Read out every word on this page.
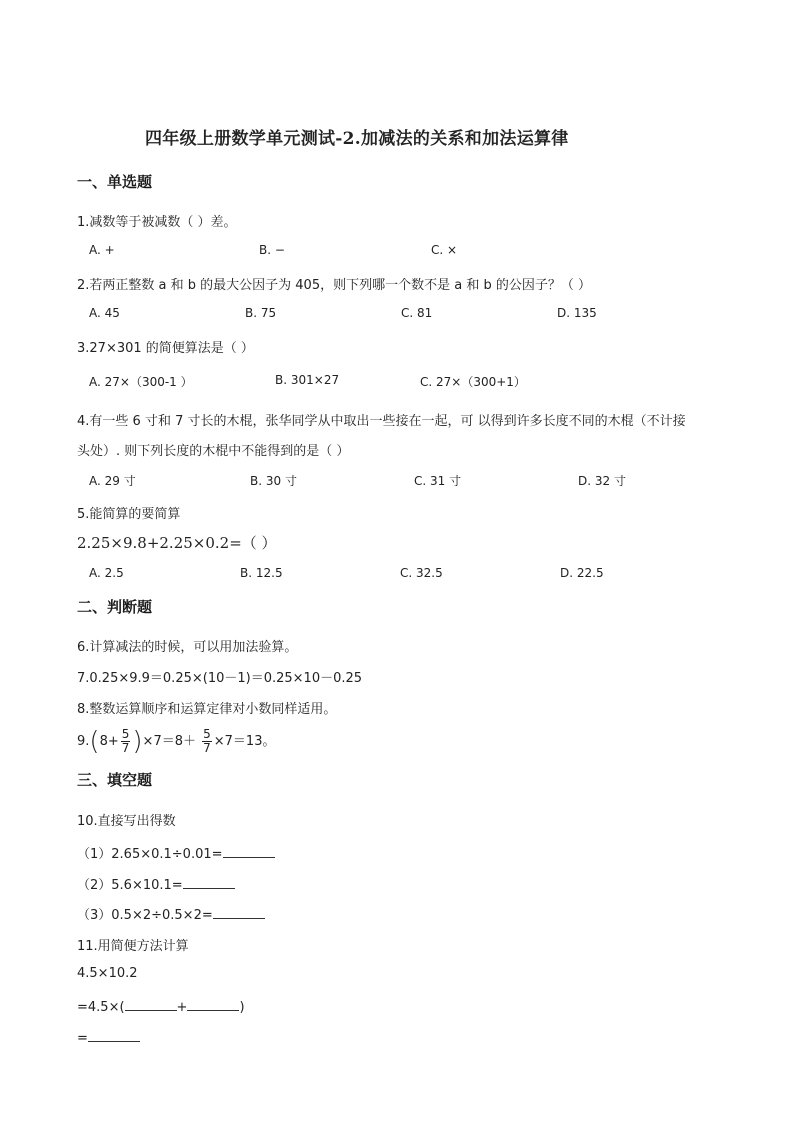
四年级上册数学单元测试-2.加减法的关系和加法运算律
一、单选题
1.减数等于被减数（ ）差。
A. +	B. −	C. ×
2.若两正整数 a 和 b 的最大公因子为 405，则下列哪一个数不是 a 和 b 的公因子？（ ）
A. 45	B. 75	C. 81	D. 135
3.27×301 的简便算法是（ ）
A. 27×（300-1 ）	B. 301×27	C. 27×（300+1）
4.有一些 6 寸和 7 寸长的木棍，张华同学从中取出一些接在一起，可 以得到许多长度不同的木棍（不计接
头处）. 则下列长度的木棍中不能得到的是（ ）
A. 29 寸	B. 30 寸	C. 31 寸	D. 32 寸
5.能简算的要简算
2.25×9.8+2.25×0.2=（ ）
A. 2.5	B. 12.5	C. 32.5	D. 22.5
二、判断题
6.计算减法的时候，可以用加法验算。
7.0.25×9.9＝0.25×(10－1)＝0.25×10－0.25
8.整数运算顺序和运算定律对小数同样适用。
$9.(8+ \frac{5}{7} )\times 7=8+ \frac{5}{7} \times 7=13$。
三、填空题
10.直接写出得数
（1）2.65×0.1÷0.01=
（2）5.6×10.1=
（3）0.5×2÷0.5×2=
11.用简便方法计算
4.5×10.2
=4.5×(	+	)
=
